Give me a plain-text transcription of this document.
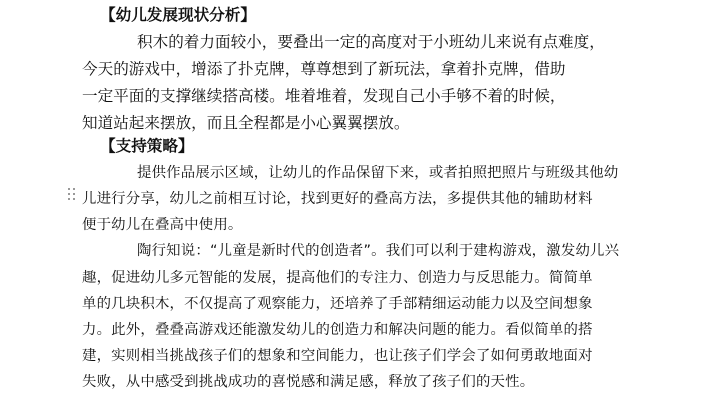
【幼儿发展现状分析】
积木的着力面较小，要叠出一定的高度对于小班幼儿来说有点难度，
今天的游戏中，增添了扑克牌，尊尊想到了新玩法，拿着扑克牌，借助
一定平面的支撑继续搭高楼。堆着堆着，发现自己小手够不着的时候，
知道站起来摆放，而且全程都是小心翼翼摆放。
【支持策略】
提供作品展示区域，让幼儿的作品保留下来，或者拍照把照片与班级其他幼
儿进行分享，幼儿之前相互讨论，找到更好的叠高方法，多提供其他的辅助材料
便于幼儿在叠高中使用。
陶行知说：“儿童是新时代的创造者”。我们可以利于建构游戏，激发幼儿兴
趣，促进幼儿多元智能的发展，提高他们的专注力、创造力与反思能力。简简单
单的几块积木，不仅提高了观察能力，还培养了手部精细运动能力以及空间想象
力。此外，叠叠高游戏还能激发幼儿的创造力和解决问题的能力。看似简单的搭
建，实则相当挑战孩子们的想象和空间能力，也让孩子们学会了如何勇敢地面对
失败，从中感受到挑战成功的喜悦感和满足感，释放了孩子们的天性。
